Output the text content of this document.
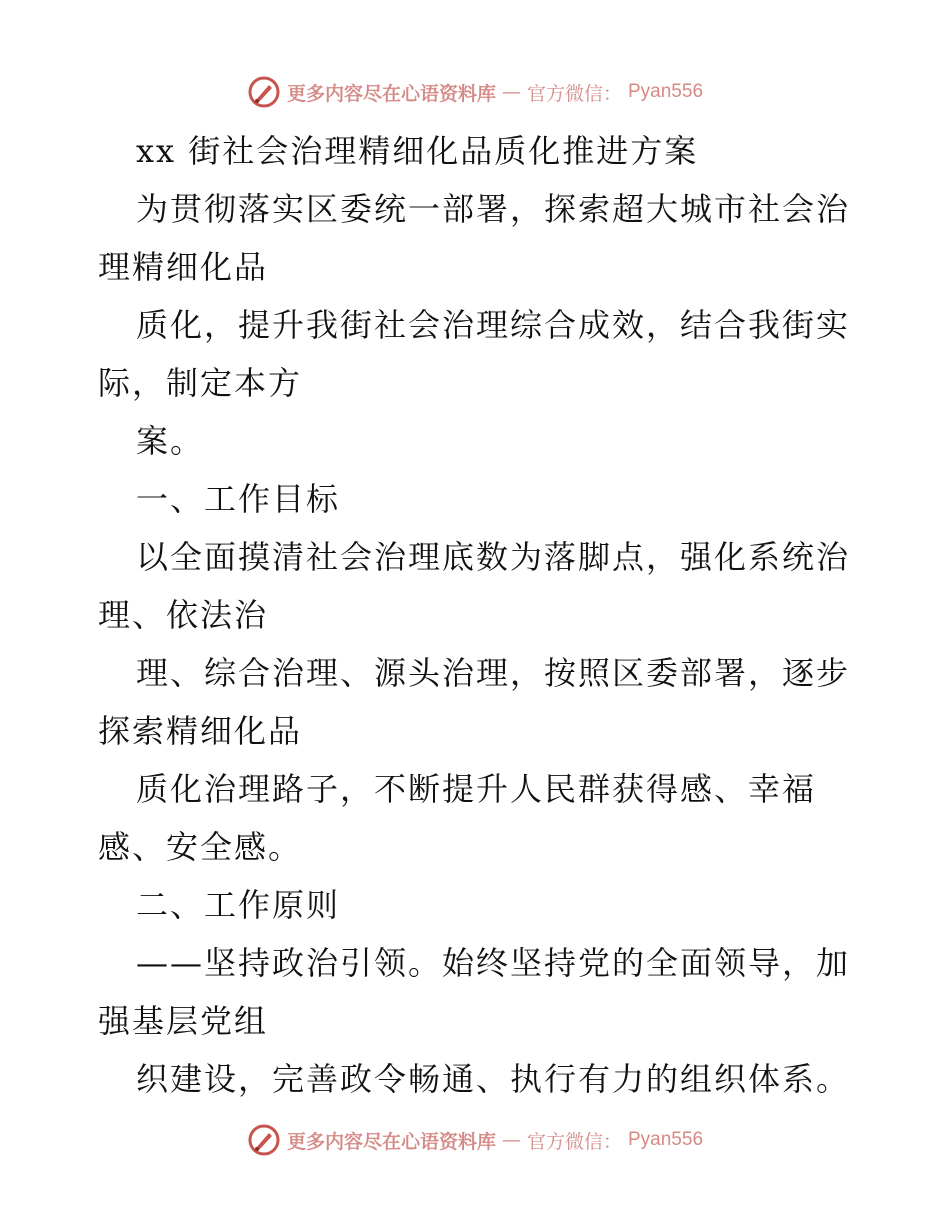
更多内容尽在心语资料库 — 官方微信： Pyan556
xx 街社会治理精细化品质化推进方案
为贯彻落实区委统一部署，探索超大城市社会治
理精细化品
质化，提升我街社会治理综合成效，结合我街实
际，制定本方
案。
一、工作目标
以全面摸清社会治理底数为落脚点，强化系统治
理、依法治
理、综合治理、源头治理，按照区委部署，逐步
探索精细化品
质化治理路子，不断提升人民群获得感、幸福
感、安全感。
二、工作原则
——坚持政治引领。始终坚持党的全面领导，加
强基层党组
织建设，完善政令畅通、执行有力的组织体系。
更多内容尽在心语资料库 — 官方微信： Pyan556
